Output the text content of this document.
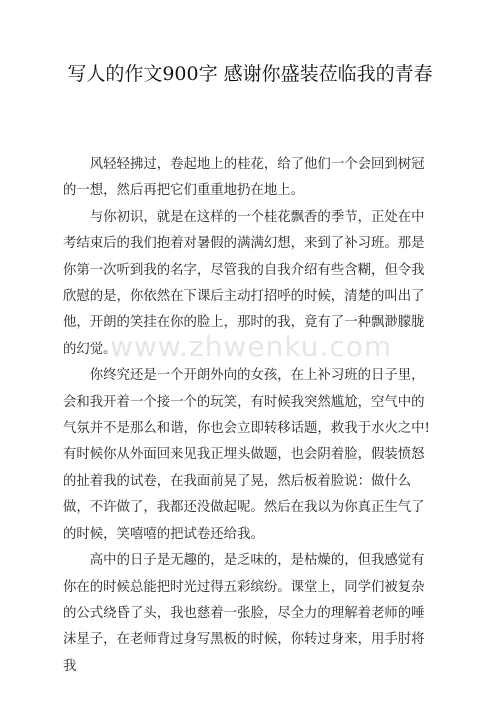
写人的作文900字 感谢你盛装莅临我的青春

风轻轻拂过，卷起地上的桂花，给了他们一个会回到树冠的一想，然后再把它们重重地扔在地上。

与你初识，就是在这样的一个桂花飘香的季节，正处在中考结束后的我们抱着对暑假的满满幻想，来到了补习班。那是你第一次听到我的名字，尽管我的自我介绍有些含糊，但令我欣慰的是，你依然在下课后主动打招呼的时候，清楚的叫出了他，开朗的笑挂在你的脸上，那时的我，竟有了一种飘渺朦胧的幻觉。

你终究还是一个开朗外向的女孩，在上补习班的日子里，会和我开着一个接一个的玩笑，有时候我突然尴尬，空气中的气氛并不是那么和谐，你也会立即转移话题，救我于水火之中!有时候你从外面回来见我正埋头做题，也会阴着脸，假装愤怒的扯着我的试卷，在我面前晃了晃，然后板着脸说：做什么做，不许做了，我都还没做起呢。然后在我以为你真正生气了的时候，笑嘻嘻的把试卷还给我。

高中的日子是无趣的，是乏味的，是枯燥的，但我感觉有你在的时候总能把时光过得五彩缤纷。课堂上，同学们被复杂的公式绕昏了头，我也慈着一张脸，尽全力的理解着老师的唾沫星子，在老师背过身写黑板的时候，你转过身来，用手肘将我

www.zhwenku.com
